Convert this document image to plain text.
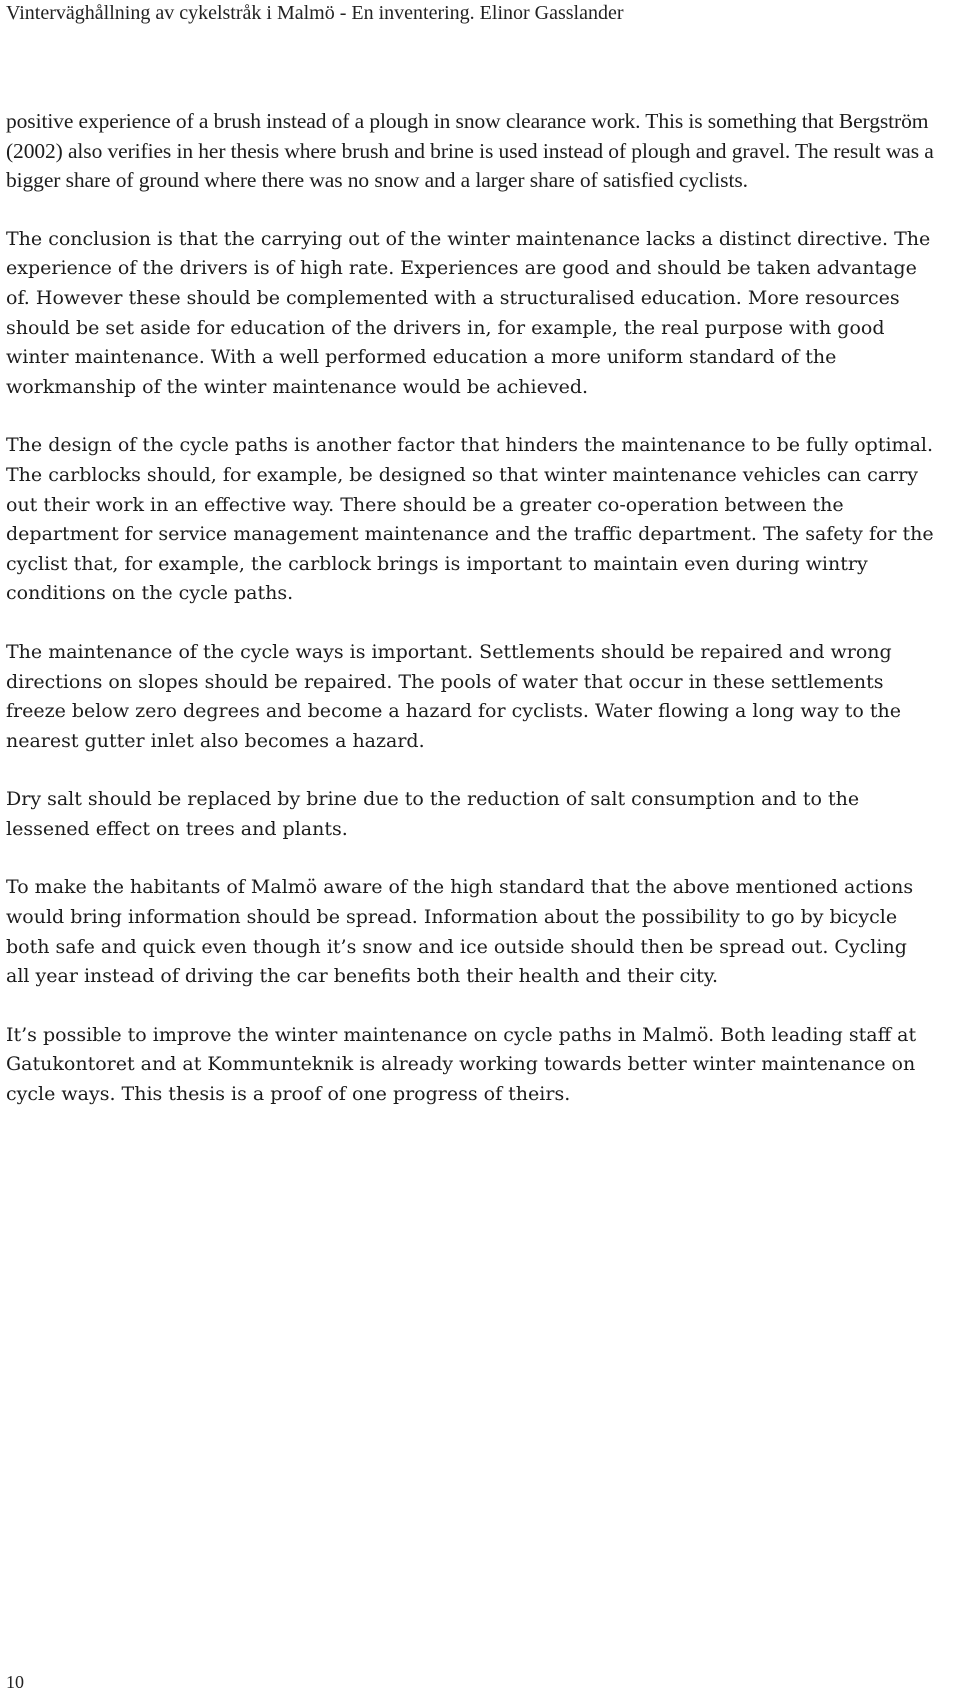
Vinterväghållning av cykelstråk i Malmö - En inventering. Elinor Gasslander

positive experience of a brush instead of a plough in snow clearance work. This is something that Bergström (2002) also verifies in her thesis where brush and brine is used instead of plough and gravel. The result was a bigger share of ground where there was no snow and a larger share of satisfied cyclists.

The conclusion is that the carrying out of the winter maintenance lacks a distinct directive. The experience of the drivers is of high rate. Experiences are good and should be taken advantage of. However these should be complemented with a structuralised education. More resources should be set aside for education of the drivers in, for example, the real purpose with good winter maintenance. With a well performed education a more uniform standard of the workmanship of the winter maintenance would be achieved.

The design of the cycle paths is another factor that hinders the maintenance to be fully optimal. The carblocks should, for example, be designed so that winter maintenance vehicles can carry out their work in an effective way. There should be a greater co-operation between the department for service management maintenance and the traffic department. The safety for the cyclist that, for example, the carblock brings is important to maintain even during wintry conditions on the cycle paths.

The maintenance of the cycle ways is important. Settlements should be repaired and wrong directions on slopes should be repaired. The pools of water that occur in these settlements freeze below zero degrees and become a hazard for cyclists. Water flowing a long way to the nearest gutter inlet also becomes a hazard.

Dry salt should be replaced by brine due to the reduction of salt consumption and to the lessened effect on trees and plants.

To make the habitants of Malmö aware of the high standard that the above mentioned actions would bring information should be spread. Information about the possibility to go by bicycle both safe and quick even though it’s snow and ice outside should then be spread out. Cycling all year instead of driving the car benefits both their health and their city.

It’s possible to improve the winter maintenance on cycle paths in Malmö. Both leading staff at Gatukontoret and at Kommunteknik is already working towards better winter maintenance on cycle ways. This thesis is a proof of one progress of theirs.

10
